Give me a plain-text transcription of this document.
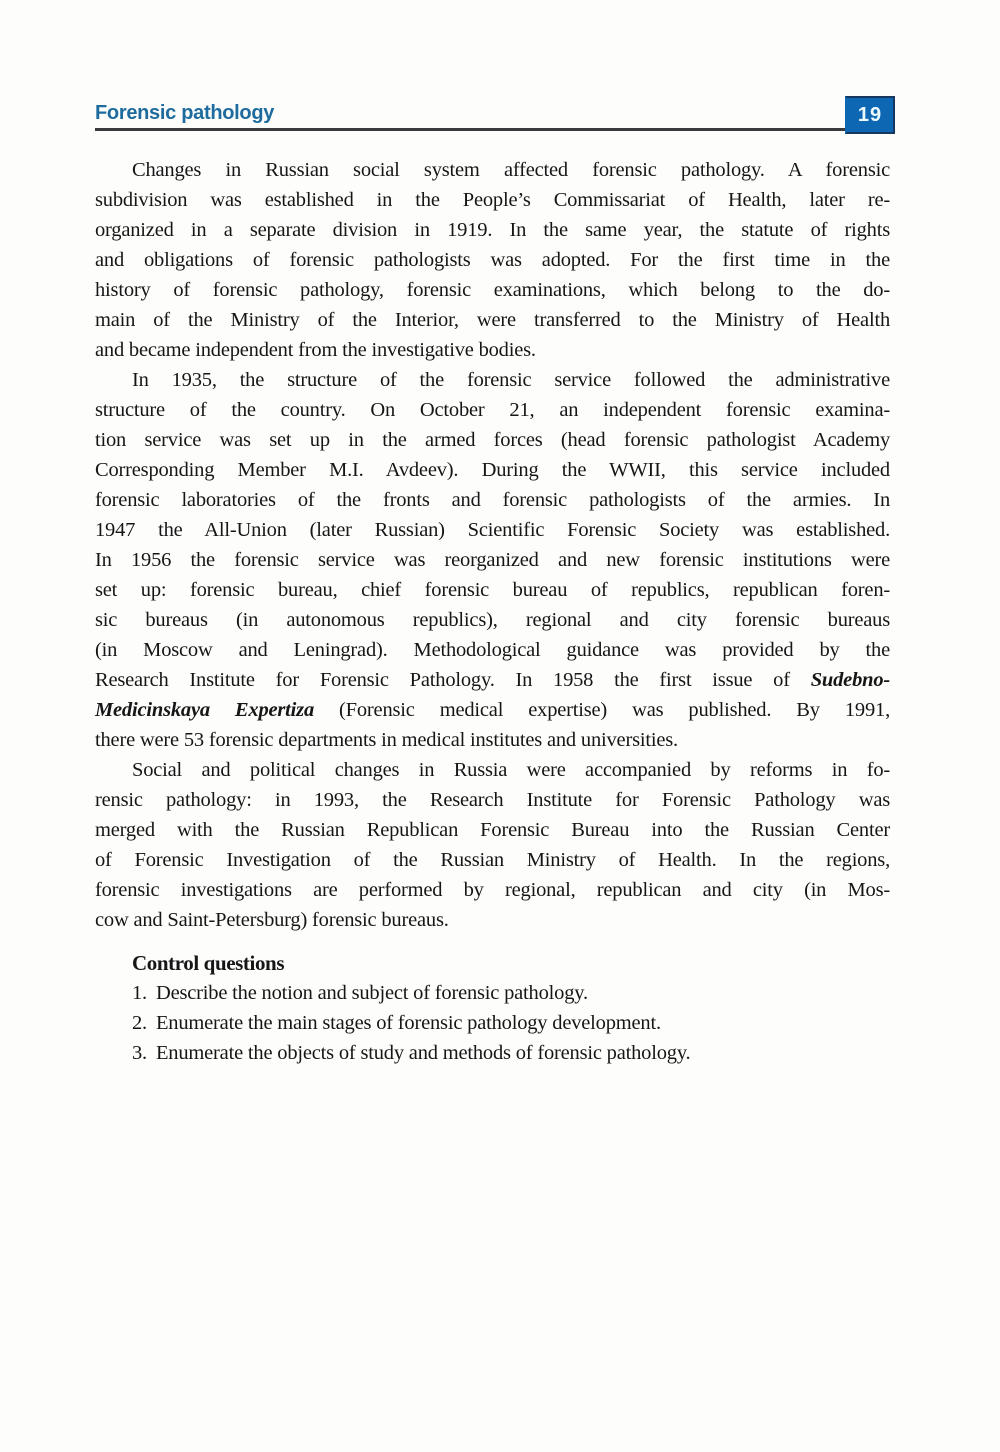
Forensic pathology	19
Changes in Russian social system affected forensic pathology. A forensic
subdivision was established in the People’s Commissariat of Health, later re-
organized in a separate division in 1919. In the same year, the statute of rights
and obligations of forensic pathologists was adopted. For the first time in the
history of forensic pathology, forensic examinations, which belong to the do-
main of the Ministry of the Interior, were transferred to the Ministry of Health
and became independent from the investigative bodies.
In 1935, the structure of the forensic service followed the administrative
structure of the country. On October 21, an independent forensic examina-
tion service was set up in the armed forces (head forensic pathologist Academy
Corresponding Member M.I. Avdeev). During the WWII, this service included
forensic laboratories of the fronts and forensic pathologists of the armies. In
1947 the All-Union (later Russian) Scientific Forensic Society was established.
In 1956 the forensic service was reorganized and new forensic institutions were
set up: forensic bureau, chief forensic bureau of republics, republican foren-
sic bureaus (in autonomous republics), regional and city forensic bureaus
(in Moscow and Leningrad). Methodological guidance was provided by the
Research Institute for Forensic Pathology. In 1958 the first issue of Sudebno-
Medicinskaya Expertiza (Forensic medical expertise) was published. By 1991,
there were 53 forensic departments in medical institutes and universities.
Social and political changes in Russia were accompanied by reforms in fo-
rensic pathology: in 1993, the Research Institute for Forensic Pathology was
merged with the Russian Republican Forensic Bureau into the Russian Center
of Forensic Investigation of the Russian Ministry of Health. In the regions,
forensic investigations are performed by regional, republican and city (in Mos-
cow and Saint-Petersburg) forensic bureaus.
Control questions
1. Describe the notion and subject of forensic pathology.
2. Enumerate the main stages of forensic pathology development.
3. Enumerate the objects of study and methods of forensic pathology.
